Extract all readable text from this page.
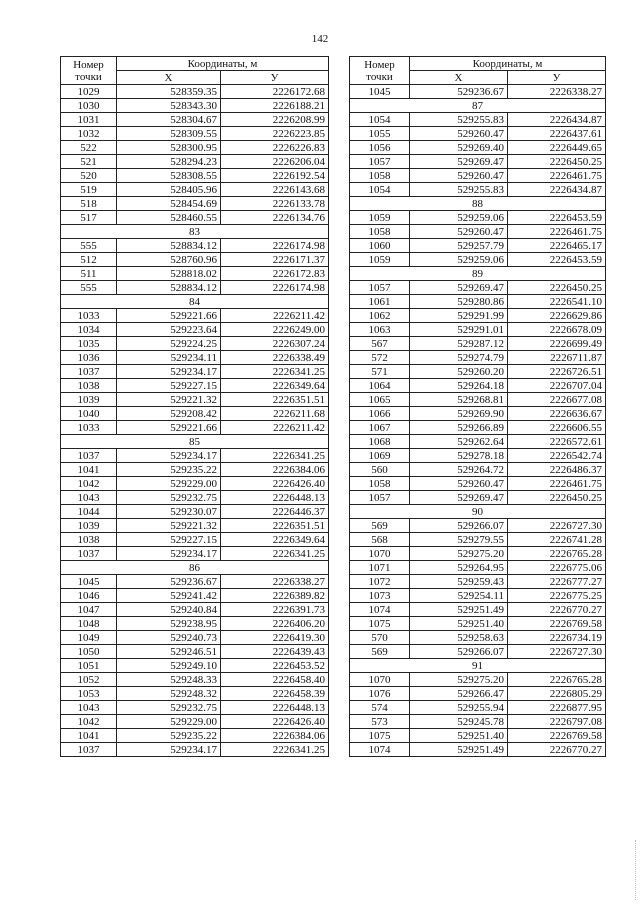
142
Номер
точки	Координаты, м	
	X	У
1029	528359.35	2226172.68
1030	528343.30	2226188.21
1031	528304.67	2226208.99
1032	528309.55	2226223.85
522	528300.95	2226226.83
521	528294.23	2226206.04
520	528308.55	2226192.54
519	528405.96	2226143.68
518	528454.69	2226133.78
517	528460.55	2226134.76
83		
555	528834.12	2226174.98
512	528760.96	2226171.37
511	528818.02	2226172.83
555	528834.12	2226174.98
84		
1033	529221.66	2226211.42
1034	529223.64	2226249.00
1035	529224.25	2226307.24
1036	529234.11	2226338.49
1037	529234.17	2226341.25
1038	529227.15	2226349.64
1039	529221.32	2226351.51
1040	529208.42	2226211.68
1033	529221.66	2226211.42
85		
1037	529234.17	2226341.25
1041	529235.22	2226384.06
1042	529229.00	2226426.40
1043	529232.75	2226448.13
1044	529230.07	2226446.37
1039	529221.32	2226351.51
1038	529227.15	2226349.64
1037	529234.17	2226341.25
86		
1045	529236.67	2226338.27
1046	529241.42	2226389.82
1047	529240.84	2226391.73
1048	529238.95	2226406.20
1049	529240.73	2226419.30
1050	529246.51	2226439.43
1051	529249.10	2226453.52
1052	529248.33	2226458.40
1053	529248.32	2226458.39
1043	529232.75	2226448.13
1042	529229.00	2226426.40
1041	529235.22	2226384.06
1037	529234.17	2226341.25
Номер
точки	Координаты, м	
	X	У
1045	529236.67	2226338.27
87		
1054	529255.83	2226434.87
1055	529260.47	2226437.61
1056	529269.40	2226449.65
1057	529269.47	2226450.25
1058	529260.47	2226461.75
1054	529255.83	2226434.87
88		
1059	529259.06	2226453.59
1058	529260.47	2226461.75
1060	529257.79	2226465.17
1059	529259.06	2226453.59
89		
1057	529269.47	2226450.25
1061	529280.86	2226541.10
1062	529291.99	2226629.86
1063	529291.01	2226678.09
567	529287.12	2226699.49
572	529274.79	2226711.87
571	529260.20	2226726.51
1064	529264.18	2226707.04
1065	529268.81	2226677.08
1066	529269.90	2226636.67
1067	529266.89	2226606.55
1068	529262.64	2226572.61
1069	529278.18	2226542.74
560	529264.72	2226486.37
1058	529260.47	2226461.75
1057	529269.47	2226450.25
90		
569	529266.07	2226727.30
568	529279.55	2226741.28
1070	529275.20	2226765.28
1071	529264.95	2226775.06
1072	529259.43	2226777.27
1073	529254.11	2226775.25
1074	529251.49	2226770.27
1075	529251.40	2226769.58
570	529258.63	2226734.19
569	529266.07	2226727.30
91		
1070	529275.20	2226765.28
1076	529266.47	2226805.29
574	529255.94	2226877.95
573	529245.78	2226797.08
1075	529251.40	2226769.58
1074	529251.49	2226770.27
